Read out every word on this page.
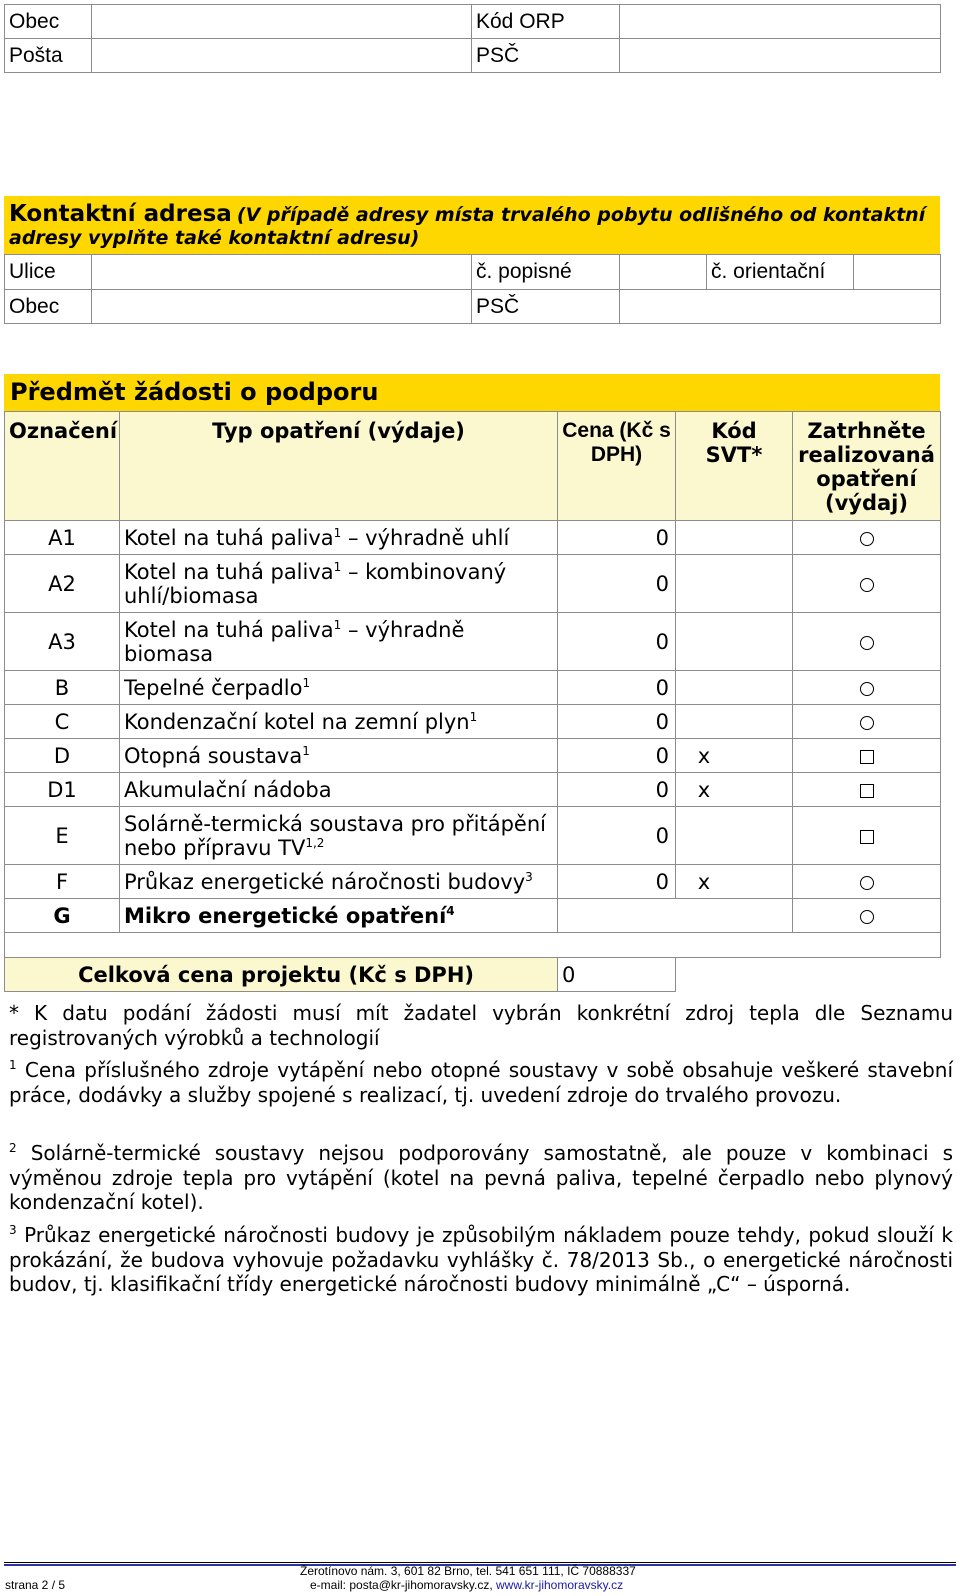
Obec		Kód ORP	
Pošta		PSČ	
Kontaktní adresa (V případě adresy místa trvalého pobytu odlišného od kontaktní adresy vyplňte také kontaktní adresu)
Ulice		č. popisné		č. orientační	
Obec		PSČ			
Předmět žádosti o podporu
Označení	Typ opatření (výdaje)	Cena (Kč s DPH)	Kód SVT*	Zatrhněte realizovaná opatření (výdaj)
A1	Kotel na tuhá paliva$^1$ – výhradně uhlí	0		
A2	Kotel na tuhá paliva$^1$ – kombinovaný uhlí/biomasa	0		
A3	Kotel na tuhá paliva$^1$ – výhradně biomasa	0		
B	Tepelné čerpadlo$^1$	0		
C	Kondenzační kotel na zemní plyn$^1$	0		
D	Otopná soustava$^1$	0	x	
D1	Akumulační nádoba	0	x	
E	Solárně-termická soustava pro přitápění nebo přípravu TV$^{1,2}$	0		
F	Průkaz energetické náročnosti budovy$^3$	0	x	
G	Mikro energetické opatření$^4$		

Celková cena projektu (Kč s DPH)		0		
* K datu podání žádosti musí mít žadatel vybrán konkrétní zdroj tepla dle Seznamu registrovaných výrobků a technologií
$^1$ Cena příslušného zdroje vytápění nebo otopné soustavy v sobě obsahuje veškeré stavební práce, dodávky a služby spojené s realizací, tj. uvedení zdroje do trvalého provozu.
$^2$ Solárně-termické soustavy nejsou podporovány samostatně, ale pouze v kombinaci s výměnou zdroje tepla pro vytápění (kotel na pevná paliva, tepelné čerpadlo nebo plynový kondenzační kotel).
$^3$ Průkaz energetické náročnosti budovy je způsobilým nákladem pouze tehdy, pokud slouží k prokázání, že budova vyhovuje požadavku vyhlášky č. 78/2013 Sb., o energetické náročnosti budov, tj. klasifikační třídy energetické náročnosti budovy minimálně „C“ – úsporná.
strana 2 / 5
Žerotínovo nám. 3, 601 82 Brno, tel. 541 651 111, IČ 70888337
e-mail: posta@kr-jihomoravsky.cz, www.kr-jihomoravsky.cz
